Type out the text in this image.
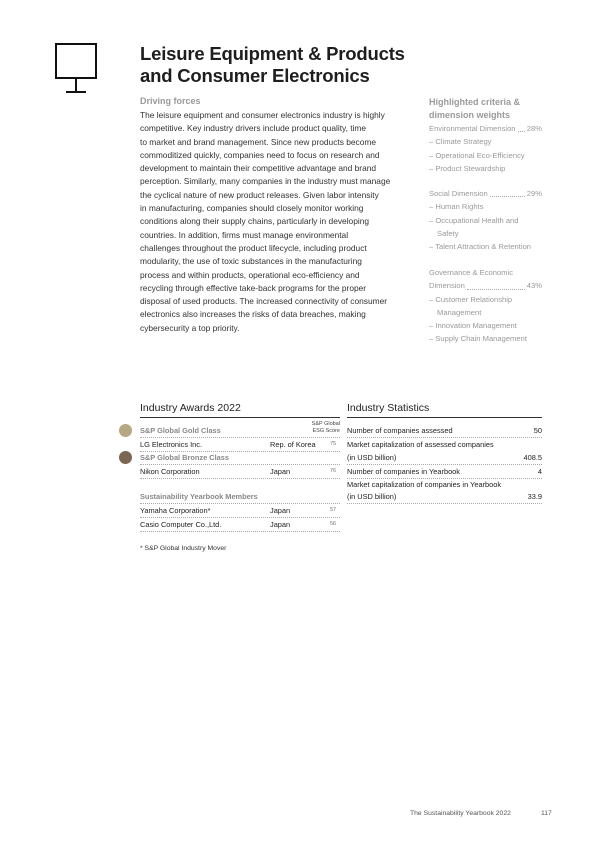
Leisure Equipment & Products
and Consumer Electronics
Driving forces

The leisure equipment and consumer electronics industry is highly

competitive. Key industry drivers include product quality, time

to market and brand management. Since new products become

commoditized quickly, companies need to focus on research and

development to maintain their competitive advantage and brand

perception. Similarly, many companies in the industry must manage

the cyclical nature of new product releases. Given labor intensity

in manufacturing, companies should closely monitor working

conditions along their supply chains, particularly in developing

countries. In addition, firms must manage environmental

challenges throughout the product lifecycle, including product

modularity, the use of toxic substances in the manufacturing

process and within products, operational eco-efficiency and

recycling through effective take-back programs for the proper

disposal of used products. The increased connectivity of consumer

electronics also increases the risks of data breaches, making

cybersecurity a top priority.

Highlighted criteria &
dimension weights
Environmental Dimension 28%
– Climate Strategy
– Operational Eco-Efficiency
– Product Stewardship
Social Dimension	29%
– Human Rights
– Occupational Health and
Safety
– Talent Attraction & Retention
Governance & Economic
Dimension	43%
– Customer Relationship
Management
– Innovation Management
– Supply Chain Management
Industry Awards 2022
S&P Global
ESG Score
S&P Global Gold Class
LG Electronics Inc.	Rep. of Korea	75
S&P Global Bronze Class
Nikon Corporation	Japan	76
Sustainability Yearbook Members
Yamaha Corporation*	Japan	57
Casio Computer Co.,Ltd.	Japan	56
* S&P Global Industry Mover
Industry Statistics
Number of companies assessed	50
Market capitalization of assessed companies
(in USD billion)	408.5
Number of companies in Yearbook	4
Market capitalization of companies in Yearbook
(in USD billion)	33.9
The Sustainability Yearbook 2022	117
